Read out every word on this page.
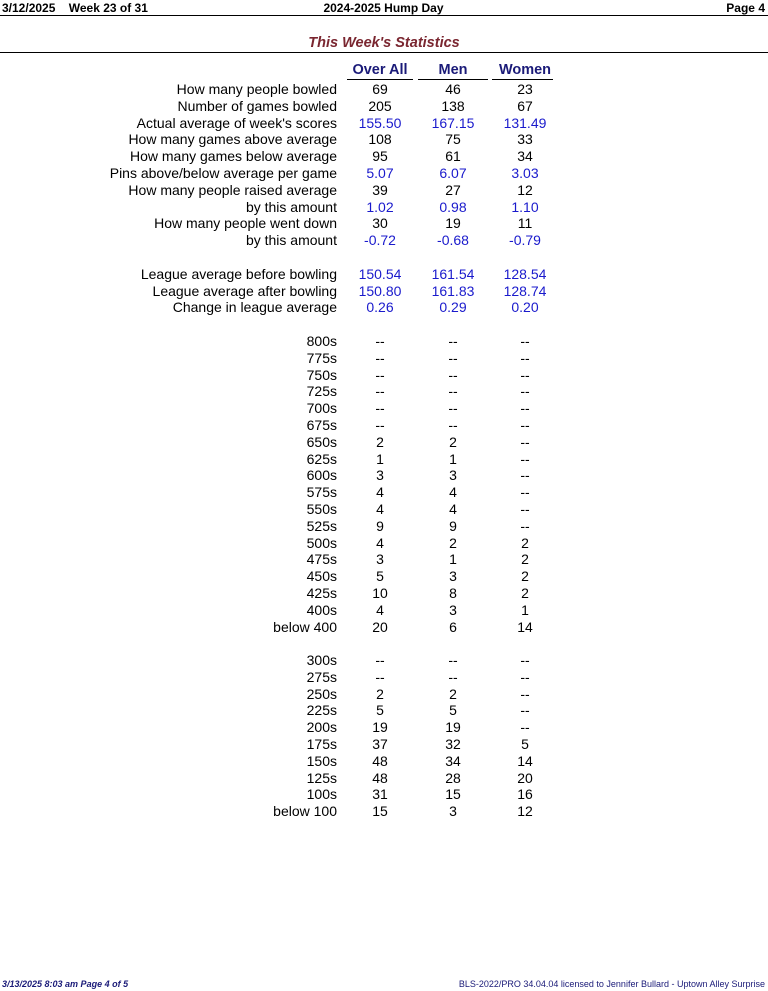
3/12/2025 Week 23 of 31	2024-2025 Hump Day	Page 4
This Week's Statistics
Over All	Men	Women
How many people bowled	69	46	23
Number of games bowled	205	138	67
Actual average of week's scores	155.50	167.15	131.49
How many games above average	108	75	33
How many games below average	95	61	34
Pins above/below average per game	5.07	6.07	3.03
How many people raised average	39	27	12
by this amount	1.02	0.98	1.10
How many people went down	30	19	11
by this amount	-0.72	-0.68	-0.79
League average before bowling	150.54	161.54	128.54
League average after bowling	150.80	161.83	128.74
Change in league average	0.26	0.29	0.20
800s	--	--	--
775s	--	--	--
750s	--	--	--
725s	--	--	--
700s	--	--	--
675s	--	--	--
650s	2	2	--
625s	1	1	--
600s	3	3	--
575s	4	4	--
550s	4	4	--
525s	9	9	--
500s	4	2	2
475s	3	1	2
450s	5	3	2
425s	10	8	2
400s	4	3	1
below 400	20	6	14
300s	--	--	--
275s	--	--	--
250s	2	2	--
225s	5	5	--
200s	19	19	--
175s	37	32	5
150s	48	34	14
125s	48	28	20
100s	31	15	16
below 100	15	3	12
3/13/2025 8:03 am Page 4 of 5	BLS-2022/PRO 34.04.04 licensed to Jennifer Bullard - Uptown Alley Surprise
